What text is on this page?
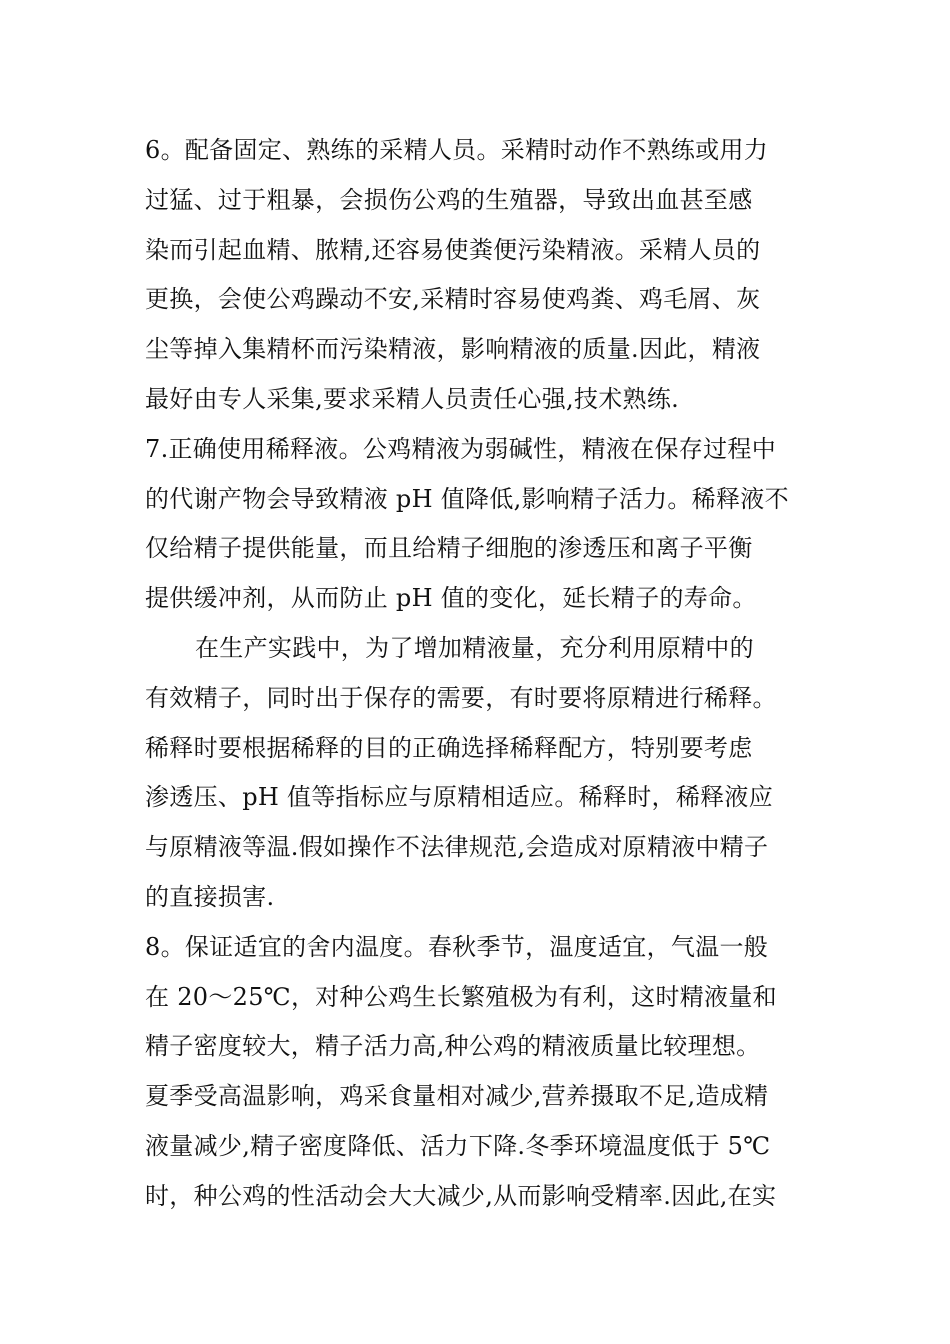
6。配备固定、熟练的采精人员。采精时动作不熟练或用力
过猛、过于粗暴，会损伤公鸡的生殖器，导致出血甚至感
染而引起血精、脓精,还容易使粪便污染精液。采精人员的
更换，会使公鸡躁动不安,采精时容易使鸡粪、鸡毛屑、灰
尘等掉入集精杯而污染精液，影响精液的质量.因此，精液
最好由专人采集,要求采精人员责任心强,技术熟练.
7.正确使用稀释液。公鸡精液为弱碱性，精液在保存过程中
的代谢产物会导致精液 pH 值降低,影响精子活力。稀释液不
仅给精子提供能量，而且给精子细胞的渗透压和离子平衡
提供缓冲剂，从而防止 pH 值的变化，延长精子的寿命。
在生产实践中，为了增加精液量，充分利用原精中的
有效精子，同时出于保存的需要，有时要将原精进行稀释。
稀释时要根据稀释的目的正确选择稀释配方，特别要考虑
渗透压、pH 值等指标应与原精相适应。稀释时，稀释液应
与原精液等温.假如操作不法律规范,会造成对原精液中精子
的直接损害.
8。保证适宜的舍内温度。春秋季节，温度适宜，气温一般
在 20～25℃，对种公鸡生长繁殖极为有利，这时精液量和
精子密度较大，精子活力高,种公鸡的精液质量比较理想。
夏季受高温影响，鸡采食量相对减少,营养摄取不足,造成精
液量减少,精子密度降低、活力下降.冬季环境温度低于 5℃
时，种公鸡的性活动会大大减少,从而影响受精率.因此,在实
